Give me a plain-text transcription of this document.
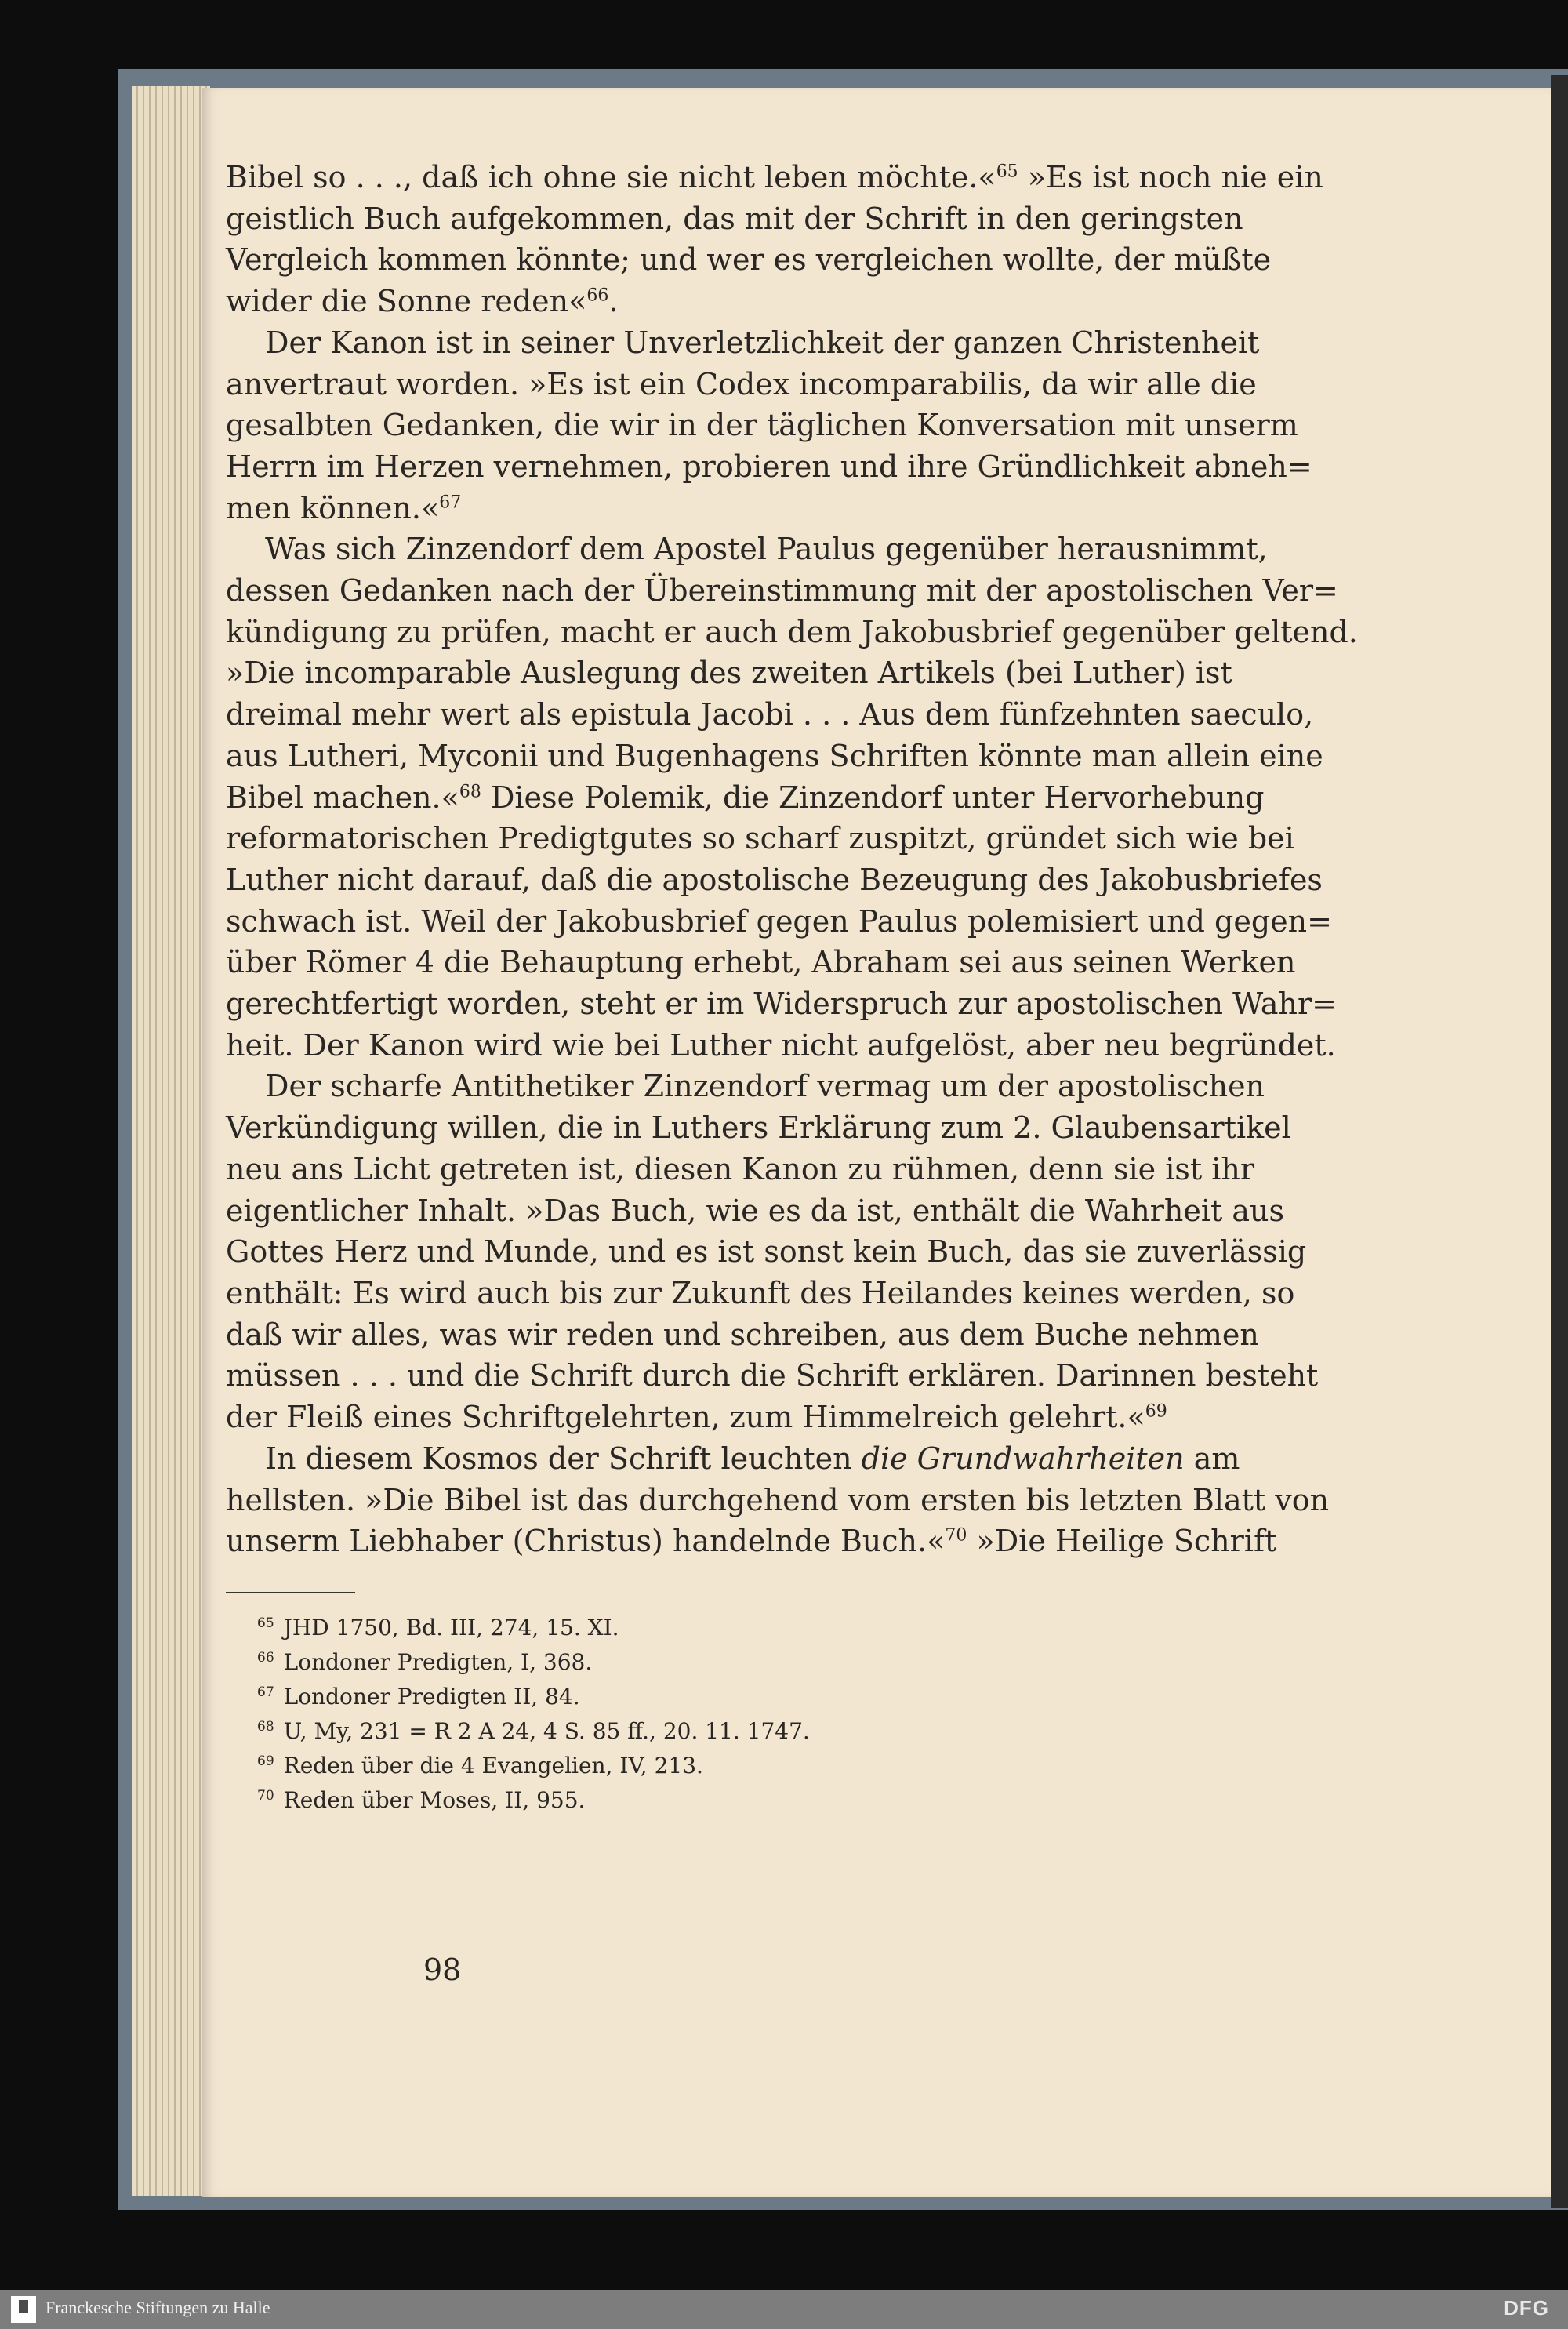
Bibel so . . ., daß ich ohne sie nicht leben möchte.«$^{65}$ »Es ist noch nie ein
geistlich Buch aufgekommen, das mit der Schrift in den geringsten
Vergleich kommen könnte; und wer es vergleichen wollte, der müßte
wider die Sonne reden«$^{66}$.

Der Kanon ist in seiner Unverletzlichkeit der ganzen Christenheit
anvertraut worden. »Es ist ein Codex incomparabilis, da wir alle die
gesalbten Gedanken, die wir in der täglichen Konversation mit unserm
Herrn im Herzen vernehmen, probieren und ihre Gründlichkeit abneh=
men können.«$^{67}$

Was sich Zinzendorf dem Apostel Paulus gegenüber herausnimmt,
dessen Gedanken nach der Übereinstimmung mit der apostolischen Ver=
kündigung zu prüfen, macht er auch dem Jakobusbrief gegenüber geltend.
»Die incomparable Auslegung des zweiten Artikels (bei Luther) ist
dreimal mehr wert als epistula Jacobi . . . Aus dem fünfzehnten saeculo,
aus Lutheri, Myconii und Bugenhagens Schriften könnte man allein eine
Bibel machen.«$^{68}$ Diese Polemik, die Zinzendorf unter Hervorhebung
reformatorischen Predigtgutes so scharf zuspitzt, gründet sich wie bei
Luther nicht darauf, daß die apostolische Bezeugung des Jakobusbriefes
schwach ist. Weil der Jakobusbrief gegen Paulus polemisiert und gegen=
über Römer 4 die Behauptung erhebt, Abraham sei aus seinen Werken
gerechtfertigt worden, steht er im Widerspruch zur apostolischen Wahr=
heit. Der Kanon wird wie bei Luther nicht aufgelöst, aber neu begründet.

Der scharfe Antithetiker Zinzendorf vermag um der apostolischen
Verkündigung willen, die in Luthers Erklärung zum 2. Glaubensartikel
neu ans Licht getreten ist, diesen Kanon zu rühmen, denn sie ist ihr
eigentlicher Inhalt. »Das Buch, wie es da ist, enthält die Wahrheit aus
Gottes Herz und Munde, und es ist sonst kein Buch, das sie zuverlässig
enthält: Es wird auch bis zur Zukunft des Heilandes keines werden, so
daß wir alles, was wir reden und schreiben, aus dem Buche nehmen
müssen . . . und die Schrift durch die Schrift erklären. Darinnen besteht
der Fleiß eines Schriftgelehrten, zum Himmelreich gelehrt.«$^{69}$

In diesem Kosmos der Schrift leuchten die Grundwahrheiten am
hellsten. »Die Bibel ist das durchgehend vom ersten bis letzten Blatt von
unserm Liebhaber (Christus) handelnde Buch.«$^{70}$ »Die Heilige Schrift

$^{65}$ JHD 1750, Bd. III, 274, 15. XI.
$^{66}$ Londoner Predigten, I, 368.
$^{67}$ Londoner Predigten II, 84.
$^{68}$ U, My, 231 = R 2 A 24, 4 S. 85 ff., 20. 11. 1747.
$^{69}$ Reden über die 4 Evangelien, IV, 213.
$^{70}$ Reden über Moses, II, 955.
98
Franckesche Stiftungen zu Halle	DFG
